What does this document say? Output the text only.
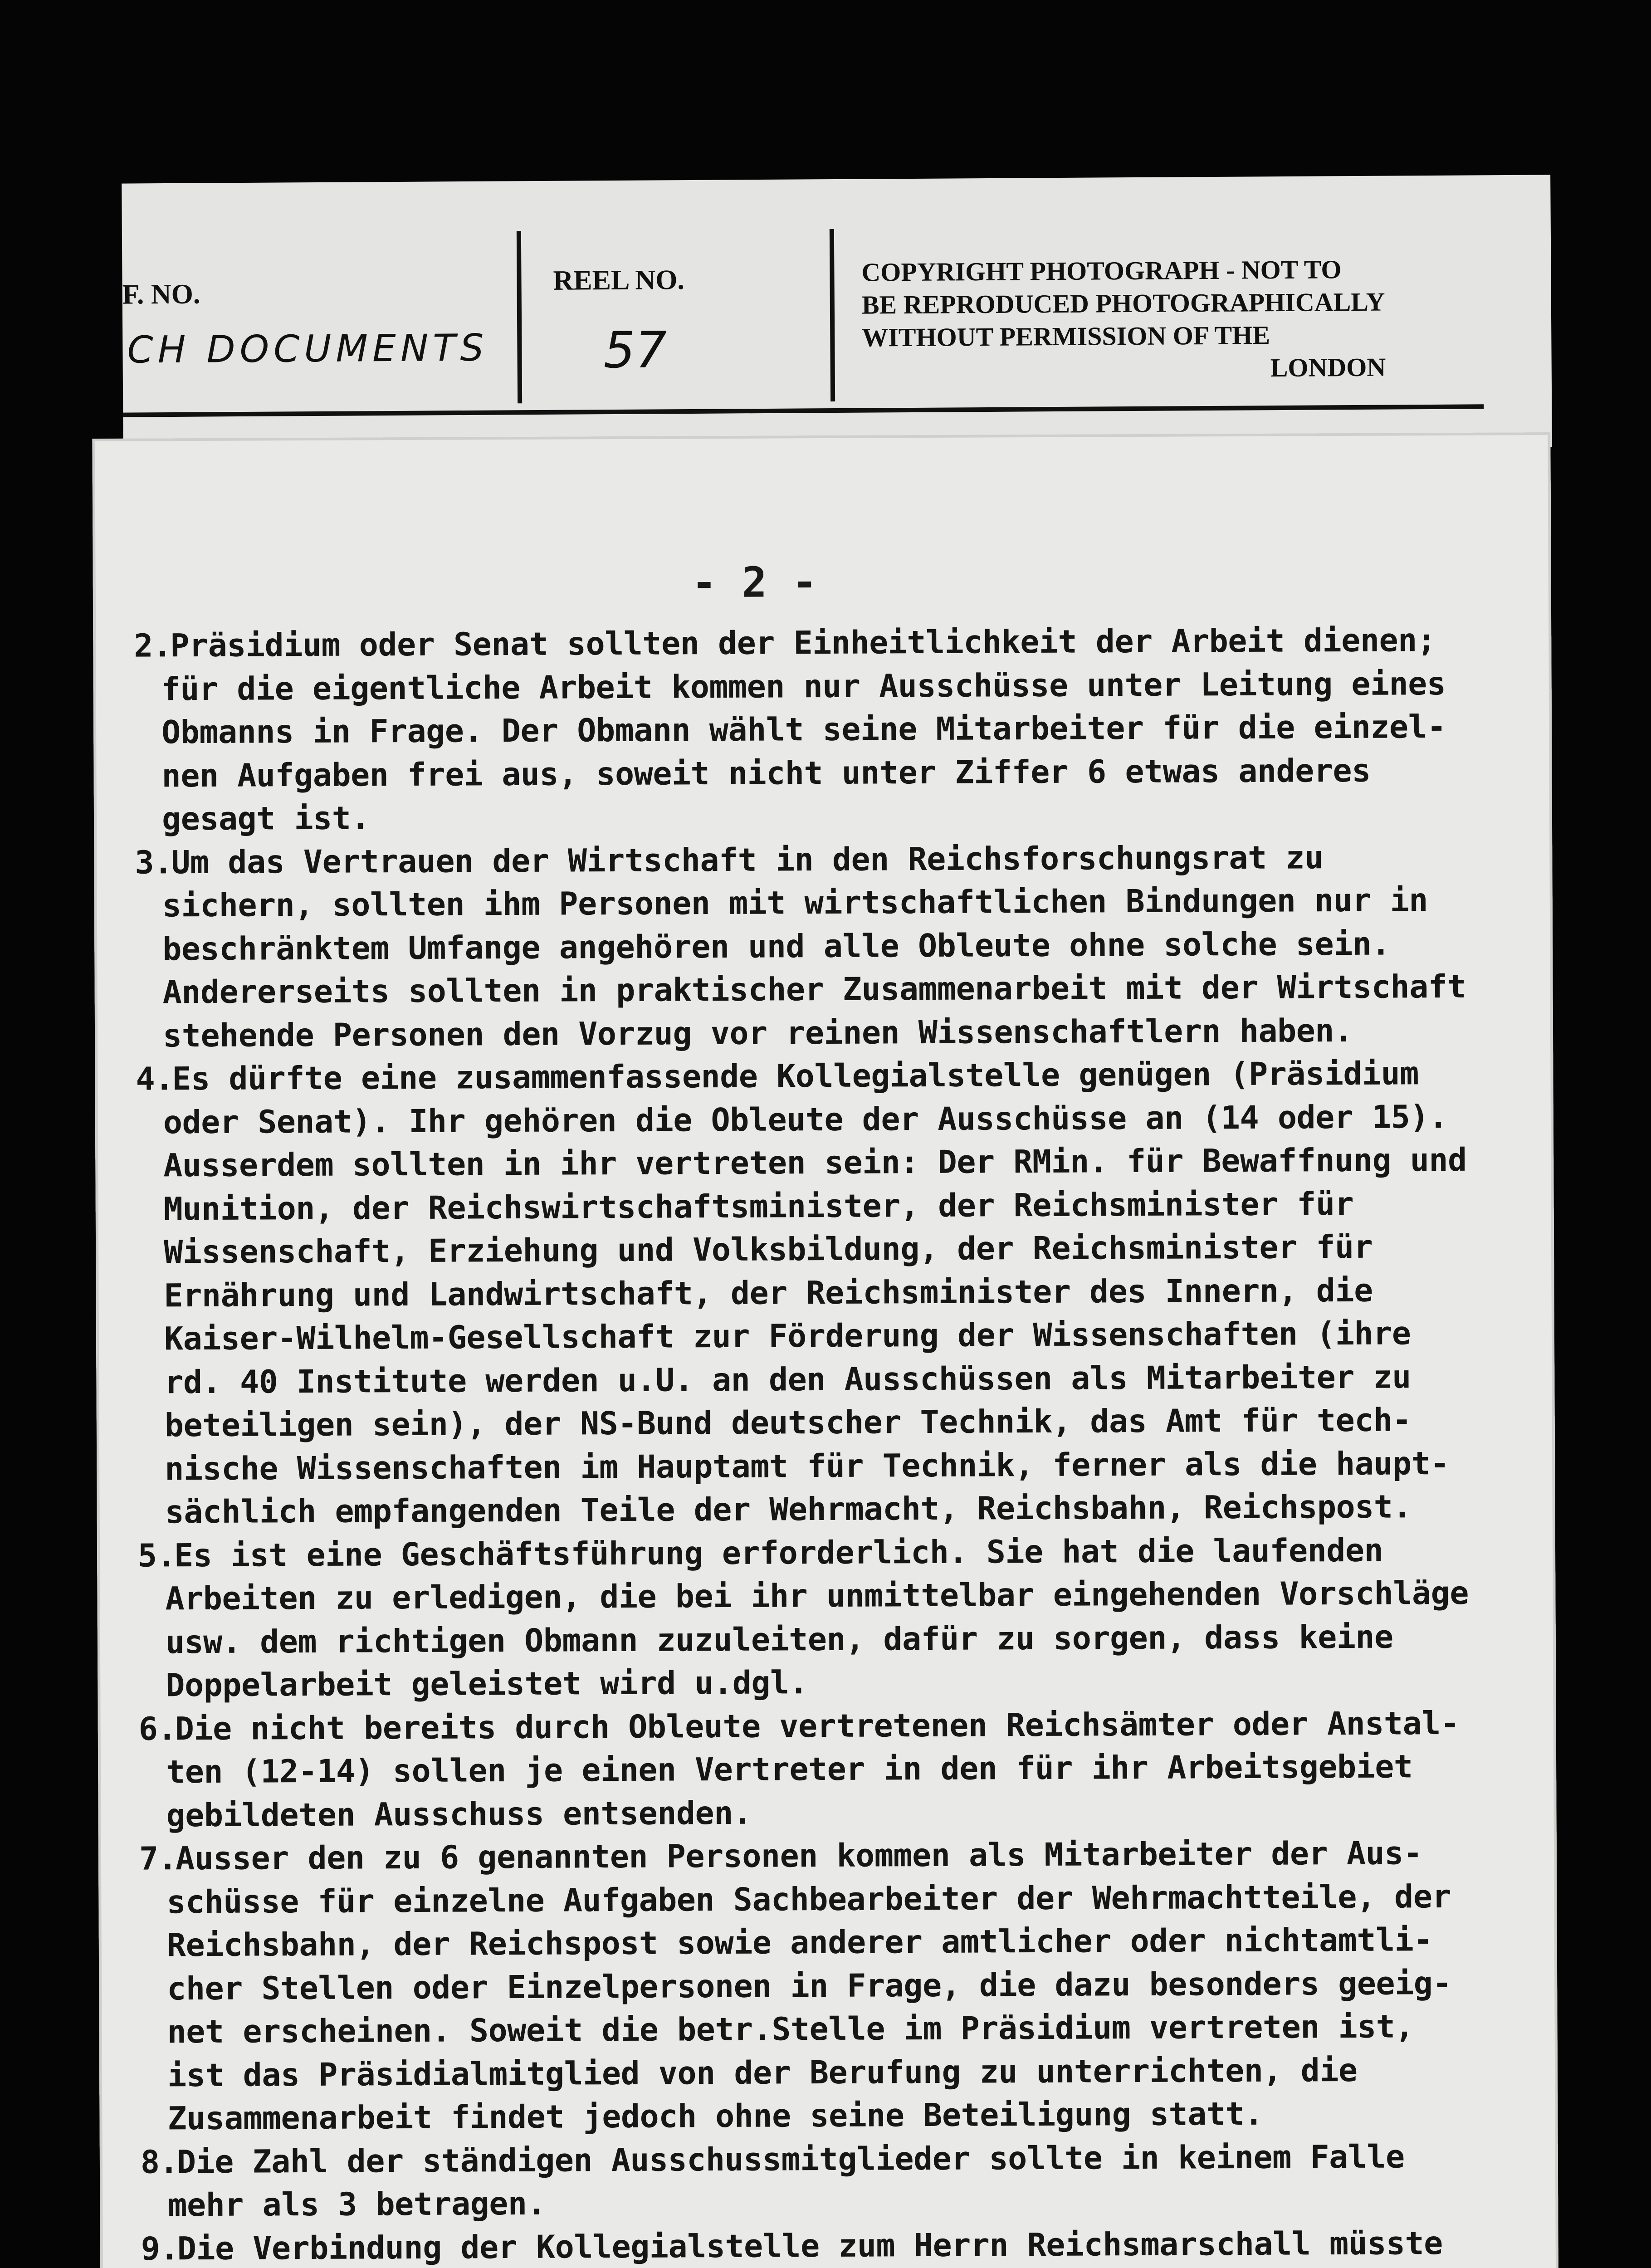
F. NO.
CH DOCUMENTS
REEL NO.
57
COPYRIGHT PHOTOGRAPH - NOT TO
BE REPRODUCED PHOTOGRAPHICALLY
WITHOUT PERMISSION OF THE
LONDON
- 2 -
2.Präsidium oder Senat sollten der Einheitlichkeit der Arbeit dienen;
für die eigentliche Arbeit kommen nur Ausschüsse unter Leitung eines
Obmanns in Frage. Der Obmann wählt seine Mitarbeiter für die einzel-
nen Aufgaben frei aus, soweit nicht unter Ziffer 6 etwas anderes
gesagt ist.
3.Um das Vertrauen der Wirtschaft in den Reichsforschungsrat zu
sichern, sollten ihm Personen mit wirtschaftlichen Bindungen nur in
beschränktem Umfange angehören und alle Obleute ohne solche sein.
Andererseits sollten in praktischer Zusammenarbeit mit der Wirtschaft
stehende Personen den Vorzug vor reinen Wissenschaftlern haben.
4.Es dürfte eine zusammenfassende Kollegialstelle genügen (Präsidium
oder Senat). Ihr gehören die Obleute der Ausschüsse an (14 oder 15).
Ausserdem sollten in ihr vertreten sein: Der RMin. für Bewaffnung und
Munition, der Reichswirtschaftsminister, der Reichsminister für
Wissenschaft, Erziehung und Volksbildung, der Reichsminister für
Ernährung und Landwirtschaft, der Reichsminister des Innern, die
Kaiser-Wilhelm-Gesellschaft zur Förderung der Wissenschaften (ihre
rd. 40 Institute werden u.U. an den Ausschüssen als Mitarbeiter zu
beteiligen sein), der NS-Bund deutscher Technik, das Amt für tech-
nische Wissenschaften im Hauptamt für Technik, ferner als die haupt-
sächlich empfangenden Teile der Wehrmacht, Reichsbahn, Reichspost.
5.Es ist eine Geschäftsführung erforderlich. Sie hat die laufenden
Arbeiten zu erledigen, die bei ihr unmittelbar eingehenden Vorschläge
usw. dem richtigen Obmann zuzuleiten, dafür zu sorgen, dass keine
Doppelarbeit geleistet wird u.dgl.
6.Die nicht bereits durch Obleute vertretenen Reichsämter oder Anstal-
ten (12-14) sollen je einen Vertreter in den für ihr Arbeitsgebiet
gebildeten Ausschuss entsenden.
7.Ausser den zu 6 genannten Personen kommen als Mitarbeiter der Aus-
schüsse für einzelne Aufgaben Sachbearbeiter der Wehrmachtteile, der
Reichsbahn, der Reichspost sowie anderer amtlicher oder nichtamtli-
cher Stellen oder Einzelpersonen in Frage, die dazu besonders geeig-
net erscheinen. Soweit die betr.Stelle im Präsidium vertreten ist,
ist das Präsidialmitglied von der Berufung zu unterrichten, die
Zusammenarbeit findet jedoch ohne seine Beteiligung statt.
8.Die Zahl der ständigen Ausschussmitglieder sollte in keinem Falle
mehr als 3 betragen.
9.Die Verbindung der Kollegialstelle zum Herrn Reichsmarschall müsste
